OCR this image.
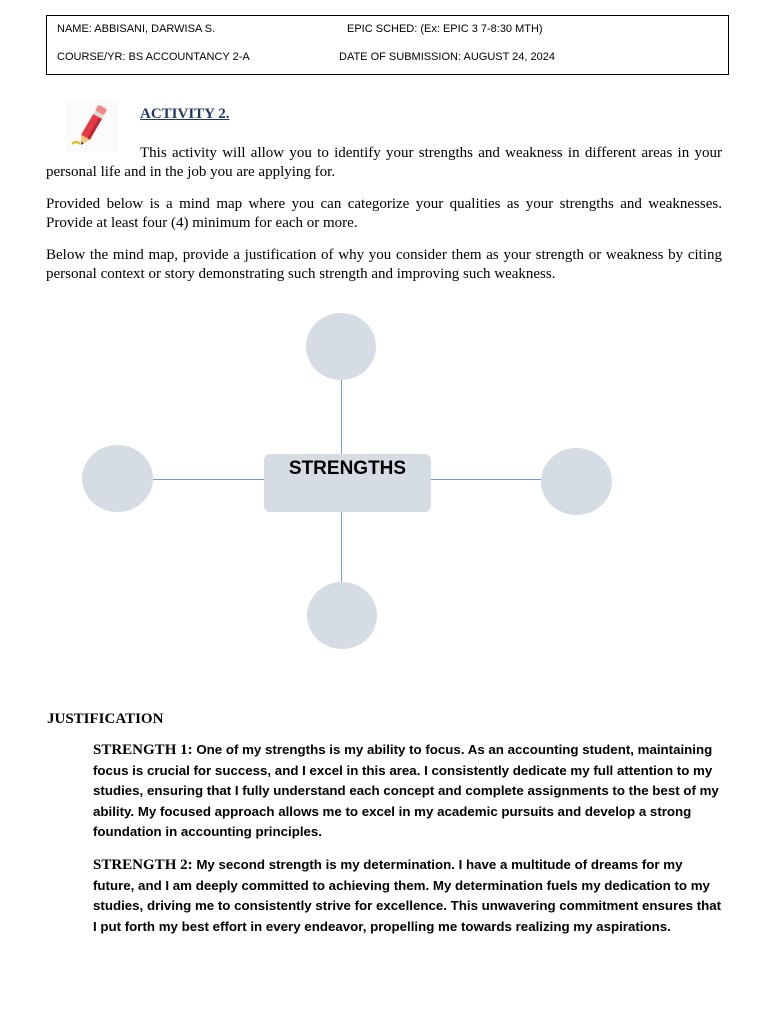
NAME: ABBISANI, DARWISA S.	EPIC SCHED: (Ex: EPIC 3 7-8:30 MTH)
COURSE/YR: BS ACCOUNTANCY 2-A	DATE OF SUBMISSION: AUGUST 24, 2024
ACTIVITY 2.

This activity will allow you to identify your strengths and weakness in different areas in your personal life and in the job you are applying for.

Provided below is a mind map where you can categorize your qualities as your strengths and weaknesses. Provide at least four (4) minimum for each or more.

Below the mind map, provide a justification of why you consider them as your strength or weakness by citing personal context or story demonstrating such strength and improving such weakness.

STRENGTHS
JUSTIFICATION

STRENGTH 1: One of my strengths is my ability to focus. As an accounting student, maintaining focus is crucial for success, and I excel in this area. I consistently dedicate my full attention to my studies, ensuring that I fully understand each concept and complete assignments to the best of my ability. My focused approach allows me to excel in my academic pursuits and develop a strong foundation in accounting principles.

STRENGTH 2: My second strength is my determination. I have a multitude of dreams for my future, and I am deeply committed to achieving them. My determination fuels my dedication to my studies, driving me to consistently strive for excellence. This unwavering commitment ensures that I put forth my best effort in every endeavor, propelling me towards realizing my aspirations.
